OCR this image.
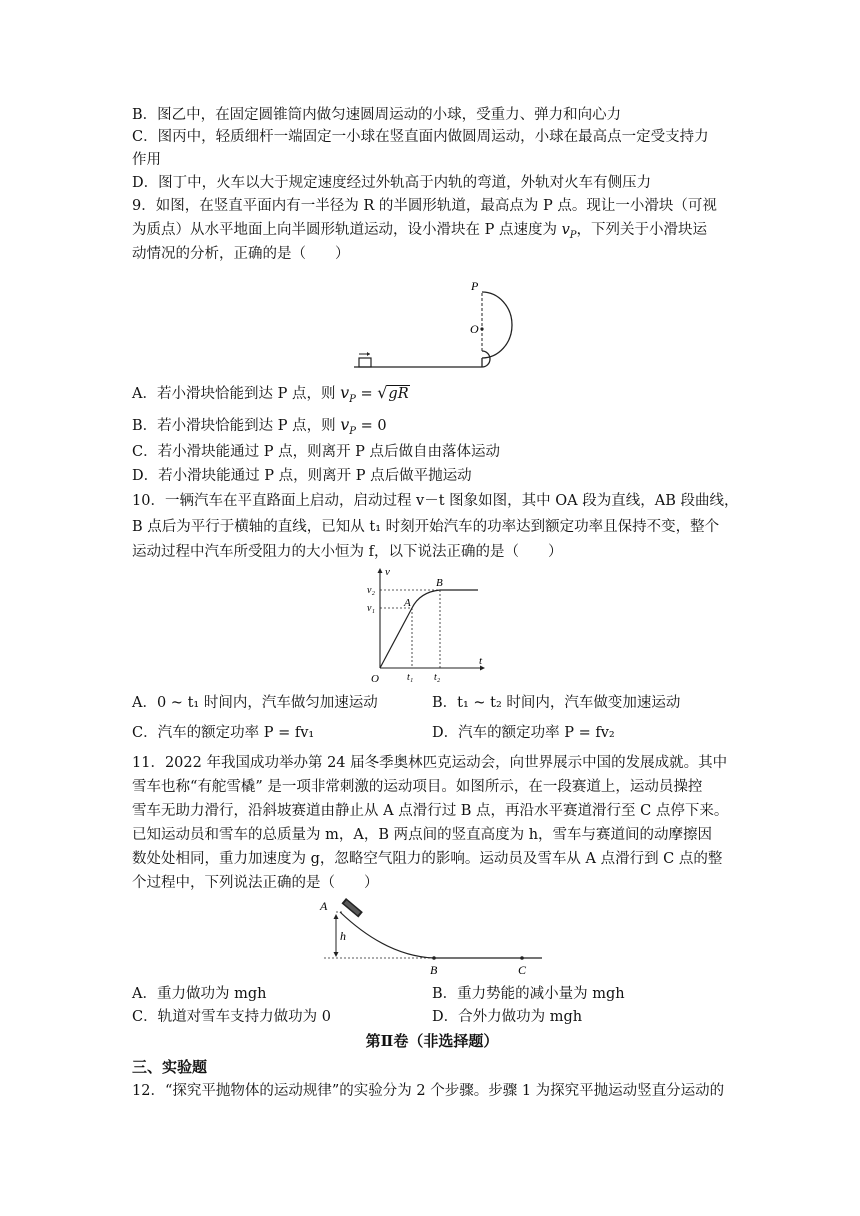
B．图乙中，在固定圆锥筒内做匀速圆周运动的小球，受重力、弹力和向心力
C．图丙中，轻质细杆一端固定一小球在竖直面内做圆周运动，小球在最高点一定受支持力
作用
D．图丁中，火车以大于规定速度经过外轨高于内轨的弯道，外轨对火车有侧压力
9．如图，在竖直平面内有一半径为 R 的半圆形轨道，最高点为 P 点。现让一小滑块（可视
为质点）从水平地面上向半圆形轨道运动，设小滑块在 P 点速度为 $v_P$，下列关于小滑块运
动情况的分析，正确的是（　　）
P
O
A．若小滑块恰能到达 P 点，则 $v_P = √gR$
B．若小滑块恰能到达 P 点，则 $v_P = 0$
C．若小滑块能通过 P 点，则离开 P 点后做自由落体运动
D．若小滑块能通过 P 点，则离开 P 点后做平抛运动
10．一辆汽车在平直路面上启动，启动过程 v－t 图象如图，其中 OA 段为直线，AB 段曲线，
B 点后为平行于横轴的直线，已知从 t₁ 时刻开始汽车的功率达到额定功率且保持不变，整个
运动过程中汽车所受阻力的大小恒为 f，以下说法正确的是（　　）
v
t
O
v₂
v₁
t₁ t₂
A
B
A．0 ~ t₁ 时间内，汽车做匀加速运动	B．t₁ ~ t₂ 时间内，汽车做变加速运动
C．汽车的额定功率 P = fv₁	D．汽车的额定功率 P = fv₂
11．2022 年我国成功举办第 24 届冬季奥林匹克运动会，向世界展示中国的发展成就。其中
雪车也称“有舵雪橇” 是一项非常刺激的运动项目。如图所示，在一段赛道上，运动员操控
雪车无助力滑行，沿斜坡赛道由静止从 A 点滑行过 B 点，再沿水平赛道滑行至 C 点停下来。
已知运动员和雪车的总质量为 m，A，B 两点间的竖直高度为 h，雪车与赛道间的动摩擦因
数处处相同，重力加速度为 g，忽略空气阻力的影响。运动员及雪车从 A 点滑行到 C 点的整
个过程中，下列说法正确的是（　　）
h
A
B	C
A．重力做功为 mgh	B．重力势能的减小量为 mgh
C．轨道对雪车支持力做功为 0	D．合外力做功为 mgh
第Ⅱ卷（非选择题）
三、实验题
12．“探究平抛物体的运动规律”的实验分为 2 个步骤。步骤 1 为探究平抛运动竖直分运动的
